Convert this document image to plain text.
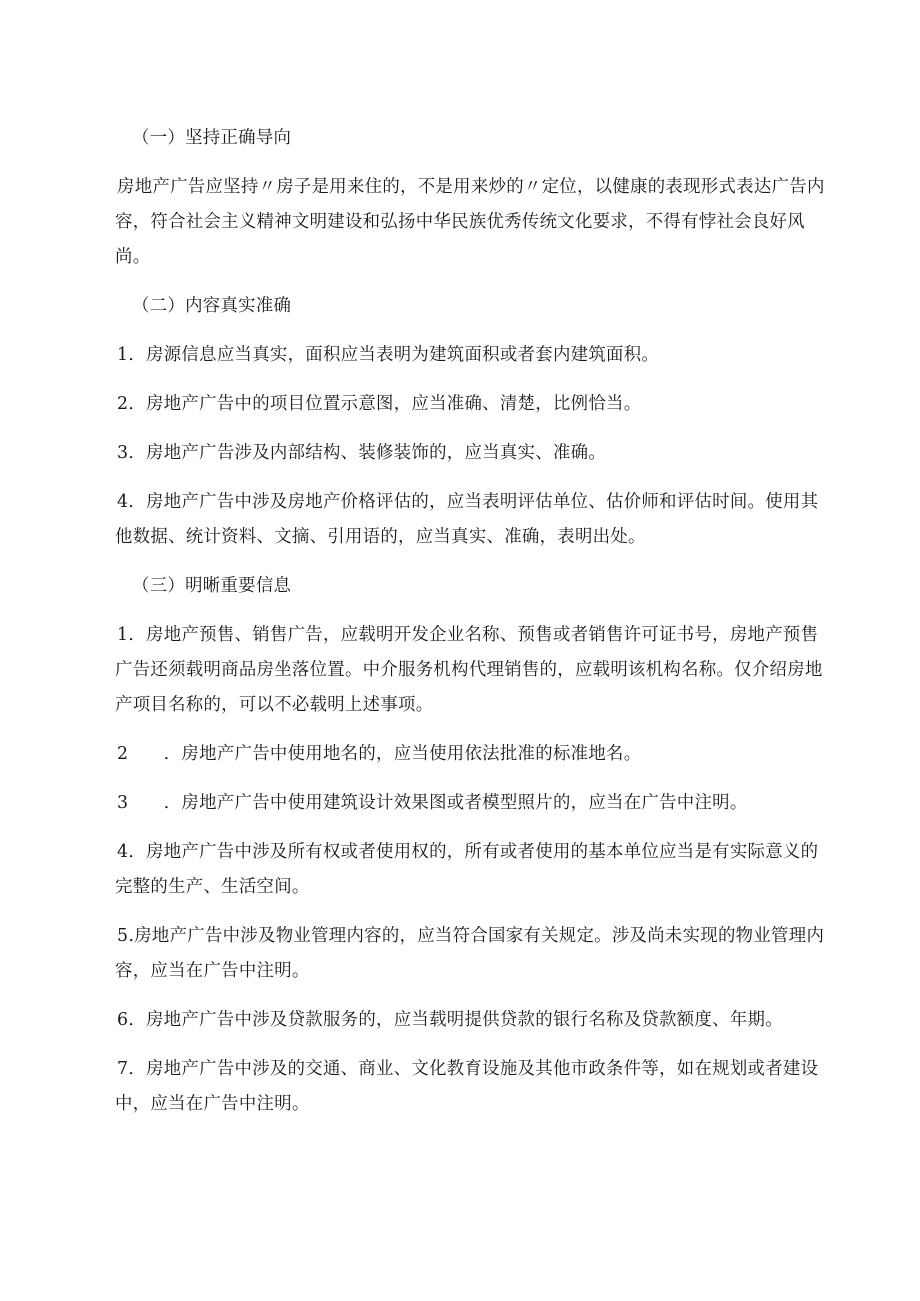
（一）坚持正确导向

房地产广告应坚持〃房子是用来住的，不是用来炒的〃定位，以健康的表现形式表达广告内容，符合社会主义精神文明建设和弘扬中华民族优秀传统文化要求，不得有悖社会良好风尚。

（二）内容真实准确

1．房源信息应当真实，面积应当表明为建筑面积或者套内建筑面积。

2．房地产广告中的项目位置示意图，应当准确、清楚，比例恰当。

3．房地产广告涉及内部结构、装修装饰的，应当真实、准确。

4．房地产广告中涉及房地产价格评估的，应当表明评估单位、估价师和评估时间。使用其他数据、统计资料、文摘、引用语的，应当真实、准确，表明出处。

（三）明晰重要信息

1．房地产预售、销售广告，应载明开发企业名称、预售或者销售许可证书号，房地产预售广告还须载明商品房坐落位置。中介服务机构代理销售的，应载明该机构名称。仅介绍房地产项目名称的，可以不必载明上述事项。

2　　．房地产广告中使用地名的，应当使用依法批准的标准地名。

3　　．房地产广告中使用建筑设计效果图或者模型照片的，应当在广告中注明。

4．房地产广告中涉及所有权或者使用权的，所有或者使用的基本单位应当是有实际意义的完整的生产、生活空间。

5.房地产广告中涉及物业管理内容的，应当符合国家有关规定。涉及尚未实现的物业管理内容，应当在广告中注明。

6．房地产广告中涉及贷款服务的，应当载明提供贷款的银行名称及贷款额度、年期。

7．房地产广告中涉及的交通、商业、文化教育设施及其他市政条件等，如在规划或者建设中，应当在广告中注明。
